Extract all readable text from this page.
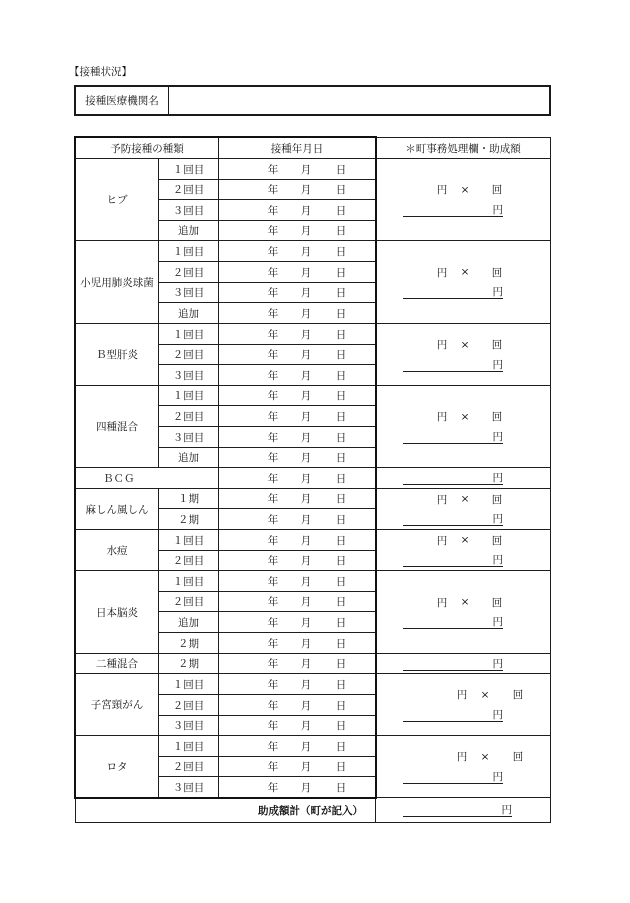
【接種状況】
接種医療機関名
予防接種の種類	接種年月日	＊町事務処理欄・助成額
ヒブ
１回目	年 月 日
２回目	年 月 日
３回目	年 月 日
追加	年 月 日
円 × 回
円
小児用肺炎球菌
１回目	年 月 日
２回目	年 月 日
３回目	年 月 日
追加	年 月 日
円 × 回
円
Ｂ型肝炎
１回目	年 月 日
２回目	年 月 日
３回目	年 月 日
円 × 回
円
四種混合
１回目	年 月 日
２回目	年 月 日
３回目	年 月 日
追加	年 月 日
円 × 回
円
ＢＣＧ	年 月 日	円
麻しん風しん
１期	年 月 日
２期	年 月 日
円 × 回
円
水痘
１回目	年 月 日
２回目	年 月 日
円 × 回
円
日本脳炎
１回目	年 月 日
２回目	年 月 日
追加	年 月 日
２期	年 月 日
円 × 回
円
二種混合	２期	年 月 日	円
子宮頸がん
１回目	年 月 日
２回目	年 月 日
３回目	年 月 日
円 × 回
円
ロタ
１回目	年 月 日
２回目	年 月 日
３回目	年 月 日
円 × 回
円
助成額計（町が記入）	円
